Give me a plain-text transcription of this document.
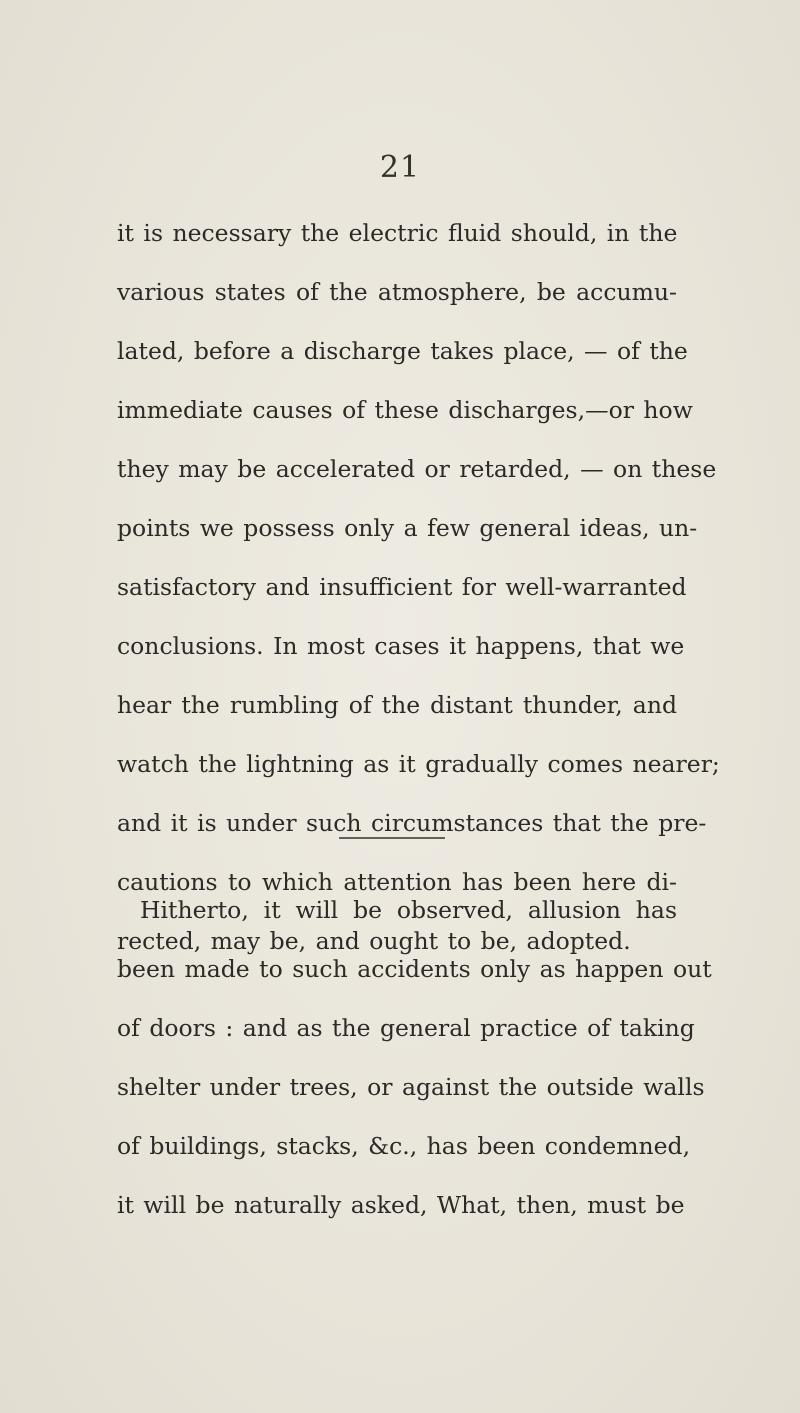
21
it is necessary the electric fluid should, in the
various states of the atmosphere, be accumu-
lated, before a discharge takes place, — of the
immediate causes of these discharges,—or how
they may be accelerated or retarded, — on these
points we possess only a few general ideas, un-
satisfactory and insufficient for well-warranted
conclusions. In most cases it happens, that we
hear the rumbling of the distant thunder, and
watch the lightning as it gradually comes nearer;
and it is under such circumstances that the pre-
cautions to which attention has been here di-
rected, may be, and ought to be, adopted.
Hitherto, it will be observed, allusion has
been made to such accidents only as happen out
of doors : and as the general practice of taking
shelter under trees, or against the outside walls
of buildings, stacks, &c., has been condemned,
it will be naturally asked, What, then, must be
